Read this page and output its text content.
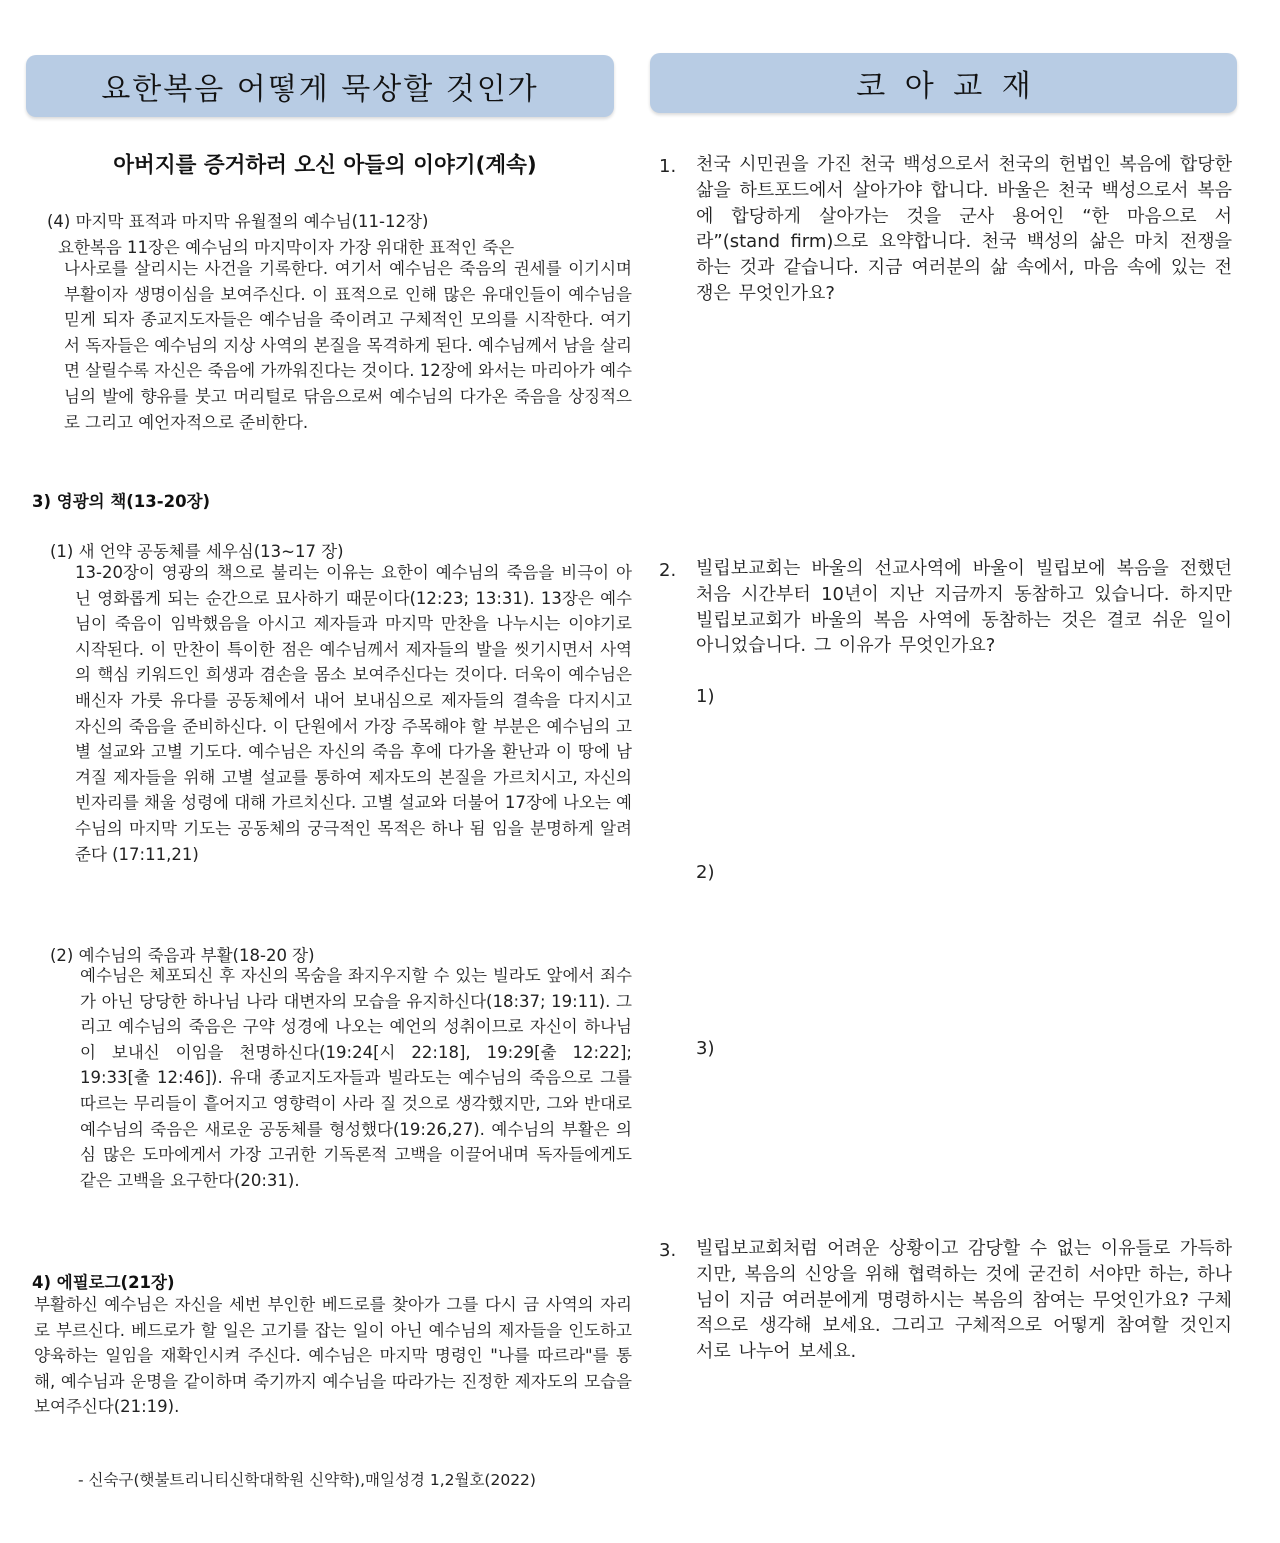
요한복음 어떻게 묵상할 것인가	코 아 교 재
아버지를 증거하러 오신 아들의 이야기(계속)
(4) 마지막 표적과 마지막 유월절의 예수님(11-12장)
요한복음 11장은 예수님의 마지막이자 가장 위대한 표적인 죽은
나사로를 살리시는 사건을 기록한다. 여기서 예수님은 죽음의 권세를 이기시며 부활이자 생명이심을 보여주신다. 이 표적으로 인해 많은 유대인들이 예수님을 믿게 되자 종교지도자들은 예수님을 죽이려고 구체적인 모의를 시작한다. 여기서 독자들은 예수님의 지상 사역의 본질을 목격하게 된다. 예수님께서 남을 살리면 살릴수록 자신은 죽음에 가까워진다는 것이다. 12장에 와서는 마리아가 예수님의 발에 향유를 붓고 머리털로 닦음으로써 예수님의 다가온 죽음을 상징적으로 그리고 예언자적으로 준비한다.
3) 영광의 책(13-20장)
(1) 새 언약 공동체를 세우심(13~17 장)
13-20장이 영광의 책으로 불리는 이유는 요한이 예수님의 죽음을 비극이 아닌 영화롭게 되는 순간으로 묘사하기 때문이다(12:23; 13:31). 13장은 예수님이 죽음이 임박했음을 아시고 제자들과 마지막 만찬을 나누시는 이야기로 시작된다. 이 만찬이 특이한 점은 예수님께서 제자들의 발을 씻기시면서 사역의 핵심 키워드인 희생과 겸손을 몸소 보여주신다는 것이다. 더욱이 예수님은 배신자 가룻 유다를 공동체에서 내어 보내심으로 제자들의 결속을 다지시고 자신의 죽음을 준비하신다. 이 단원에서 가장 주목해야 할 부분은 예수님의 고별 설교와 고별 기도다. 예수님은 자신의 죽음 후에 다가올 환난과 이 땅에 남겨질 제자들을 위해 고별 설교를 통하여 제자도의 본질을 가르치시고, 자신의 빈자리를 채울 성령에 대해 가르치신다. 고별 설교와 더불어 17장에 나오는 예수님의 마지막 기도는 공동체의 궁극적인 목적은 하나 됨 임을 분명하게 알려 준다 (17:11,21)
(2) 예수님의 죽음과 부활(18-20 장)
예수님은 체포되신 후 자신의 목숨을 좌지우지할 수 있는 빌라도 앞에서 죄수가 아닌 당당한 하나님 나라 대변자의 모습을 유지하신다(18:37; 19:11). 그리고 예수님의 죽음은 구약 성경에 나오는 예언의 성취이므로 자신이 하나님이 보내신 이임을 천명하신다(19:24[시 22:18], 19:29[출 12:22]; 19:33[출 12:46]). 유대 종교지도자들과 빌라도는 예수님의 죽음으로 그를 따르는 무리들이 흩어지고 영향력이 사라 질 것으로 생각했지만, 그와 반대로 예수님의 죽음은 새로운 공동체를 형성했다(19:26,27). 예수님의 부활은 의심 많은 도마에게서 가장 고귀한 기독론적 고백을 이끌어내며 독자들에게도 같은 고백을 요구한다(20:31).
4) 에필로그(21장)
부활하신 예수님은 자신을 세번 부인한 베드로를 찾아가 그를 다시 금 사역의 자리로 부르신다. 베드로가 할 일은 고기를 잡는 일이 아닌 예수님의 제자들을 인도하고 양육하는 일임을 재확인시켜 주신다. 예수님은 마지막 명령인 "나를 따르라"를 통해, 예수님과 운명을 같이하며 죽기까지 예수님을 따라가는 진정한 제자도의 모습을 보여주신다(21:19).
- 신숙구(햇불트리니티신학대학원 신약학),매일성경 1,2월호(2022)
1. 천국 시민권을 가진 천국 백성으로서 천국의 헌법인 복음에 합당한 삶을 하트포드에서 살아가야 합니다. 바울은 천국 백성으로서 복음에 합당하게 살아가는 것을 군사 용어인 “한 마음으로 서라”(stand firm)으로 요약합니다. 천국 백성의 삶은 마치 전쟁을 하는 것과 같습니다. 지금 여러분의 삶 속에서, 마음 속에 있는 전쟁은 무엇인가요?
2. 빌립보교회는 바울의 선교사역에 바울이 빌립보에 복음을 전했던 처음 시간부터 10년이 지난 지금까지 동참하고 있습니다. 하지만 빌립보교회가 바울의 복음 사역에 동참하는 것은 결코 쉬운 일이 아니었습니다. 그 이유가 무엇인가요?
1)
2)
3)
3. 빌립보교회처럼 어려운 상황이고 감당할 수 없는 이유들로 가득하지만, 복음의 신앙을 위해 협력하는 것에 굳건히 서야만 하는, 하나님이 지금 여러분에게 명령하시는 복음의 참여는 무엇인가요? 구체적으로 생각해 보세요. 그리고 구체적으로 어떻게 참여할 것인지 서로 나누어 보세요.
